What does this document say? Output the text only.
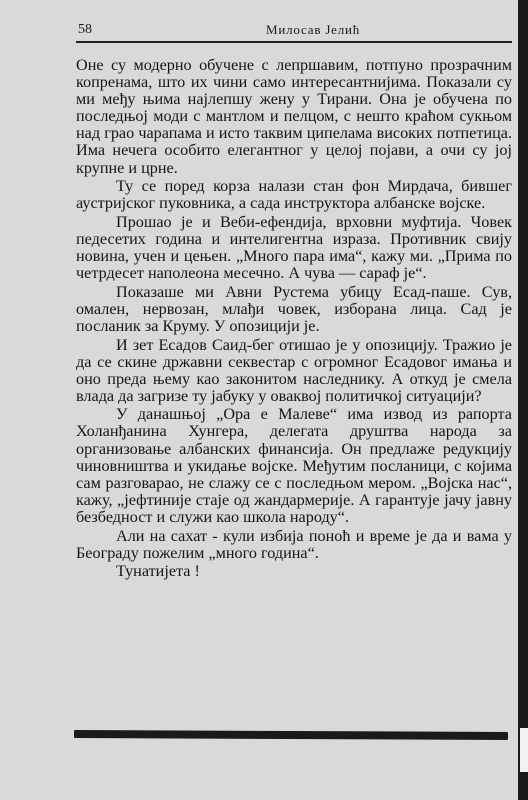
58	Милосав Јелић

Оне су модерно обучене с лепршавим, потпуно прозрачним копренама, што их чини само интересантнијима. Показали су ми међу њима најлепшу жену у Тирани. Она је обучена по последњој моди с мантлом и пелцом, с нешто краћом сукњом над грао чарапама и исто таквим ципелама високих потпетица. Има нечега особито елегантног у целој појави, а очи су јој крупне и црне.

Ту се поред корза налази стан фон Мирдача, бившег аустријског пуковника, а сада инструктора албанске војске.

Прошао је и Веби-ефендија, врховни муфтија. Човек педесетих година и интелигентна израза. Противник свију новина, учен и цењен. „Много пара има“, кажу ми. „Прима по четрдесет наполеона месечно. А чува — сараф је“.

Показаше ми Авни Рустема убицу Есад-паше. Сув, омален, нервозан, млађи човек, изборана лица. Сад је посланик за Круму. У опозицији је.

И зет Есадов Саид-бег отишао је у опозицију. Тражио је да се скине државни секвестар с огромног Есадовог имања и оно преда њему као законитом наследнику. А откуд је смела влада да загризе ту јабуку у оваквој политичкој ситуацији?

У данашњој „Ора е Малеве“ има извод из рапорта Холанђанина Хунгера, делегата друштва народа за организовање албанских финансија. Он предлаже редукцију чиновништва и укидање војске. Међутим посланици, с којима сам разговарао, не слажу се с последњом мером. „Војска нас“, кажу, „јефтиније стаје од жандармерије. А гарантује јачу јавну безбедност и служи као школа народу“.

Али на сахат - кули избија поноћ и време је да и вама у Београду пожелим „много година“.

Тунатијета !
